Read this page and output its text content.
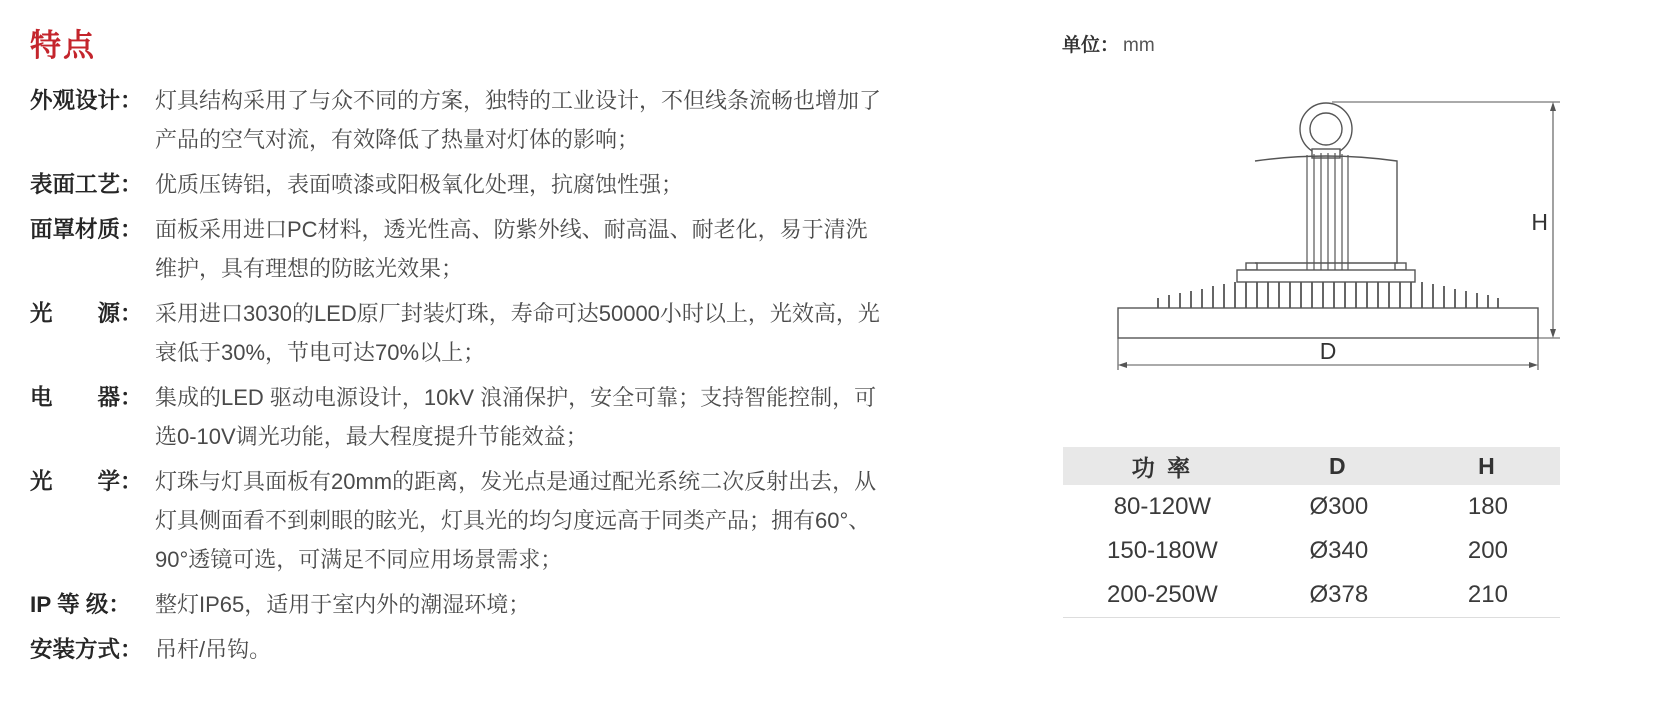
特点
外观设计： 灯具结构采用了与众不同的方案，独特的工业设计，不但线条流畅也增加了产品的空气对流，有效降低了热量对灯体的影响；
表面工艺： 优质压铸铝，表面喷漆或阳极氧化处理，抗腐蚀性强；
面罩材质： 面板采用进口PC材料，透光性高、防紫外线、耐高温、耐老化，易于清洗维护，具有理想的防眩光效果；
光　　源： 采用进口3030的LED原厂封装灯珠，寿命可达50000小时以上，光效高，光衰低于30%，节电可达70%以上；
电　　器： 集成的LED 驱动电源设计，10kV 浪涌保护，安全可靠；支持智能控制，可选0-10V调光功能，最大程度提升节能效益；
光　　学： 灯珠与灯具面板有20mm的距离，发光点是通过配光系统二次反射出去，从灯具侧面看不到刺眼的眩光，灯具光的均匀度远高于同类产品；拥有60°、90°透镜可选，可满足不同应用场景需求；
IP 等 级：	整灯IP65，适用于室内外的潮湿环境；
安装方式： 吊杆/吊钩。
单位： mm
H
D
功 率	D	H
80-120W	Ø300	180
150-180W	Ø340	200
200-250W	Ø378	210
